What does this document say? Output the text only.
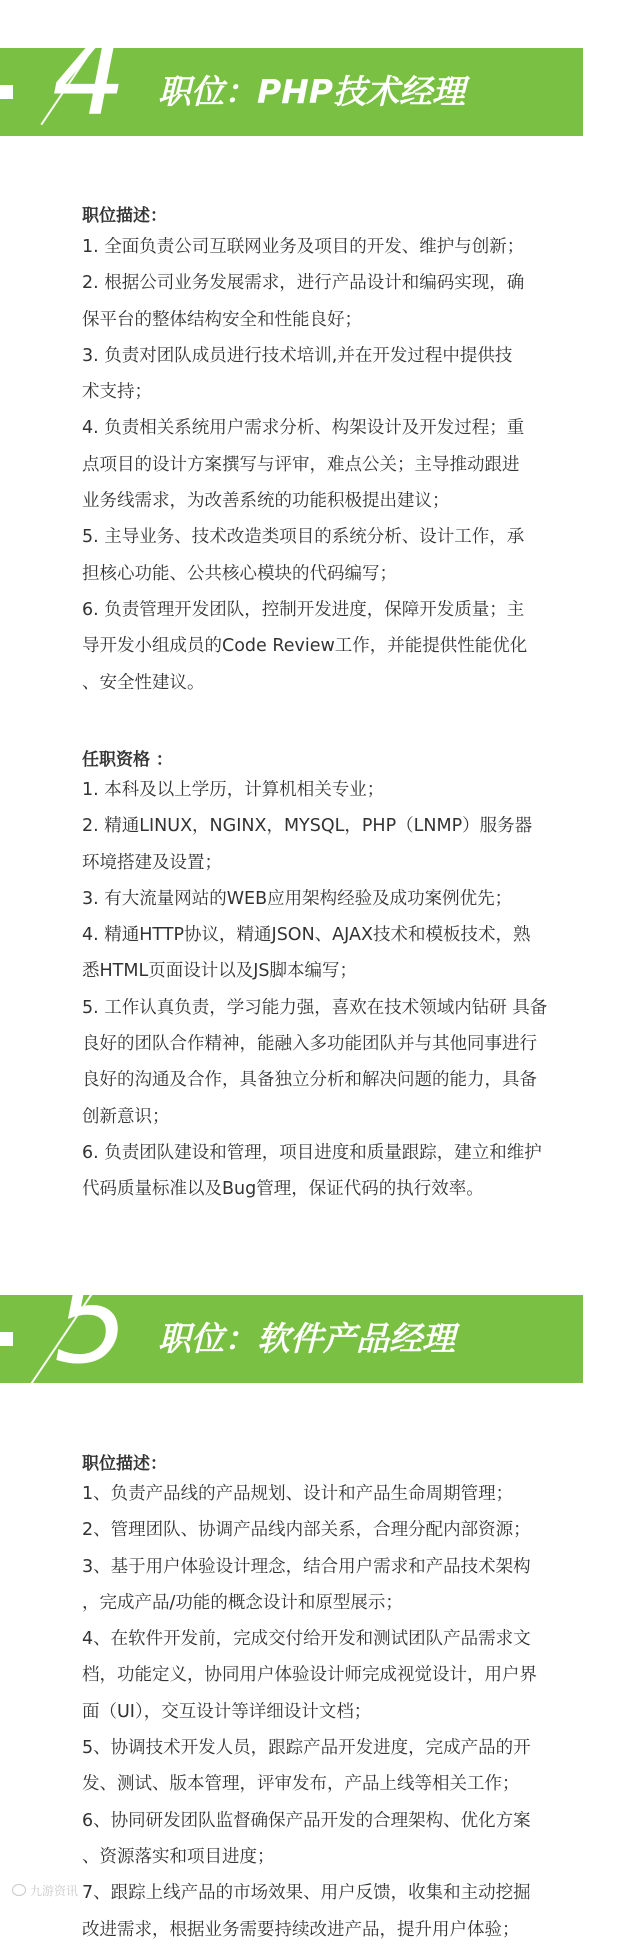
4 职位：PHP技术经理
职位描述：
1. 全面负责公司互联网业务及项目的开发、维护与创新；
2. 根据公司业务发展需求，进行产品设计和编码实现，确
保平台的整体结构安全和性能良好；
3. 负责对团队成员进行技术培训,并在开发过程中提供技
术支持；
4. 负责相关系统用户需求分析、构架设计及开发过程；重
点项目的设计方案撰写与评审，难点公关；主导推动跟进
业务线需求，为改善系统的功能积极提出建议；
5. 主导业务、技术改造类项目的系统分析、设计工作，承
担核心功能、公共核心模块的代码编写；
6. 负责管理开发团队，控制开发进度，保障开发质量；主
导开发小组成员的Code Review工作，并能提供性能优化
、安全性建议。
任职资格 ：
1. 本科及以上学历，计算机相关专业；
2. 精通LINUX，NGINX，MYSQL，PHP（LNMP）服务器
环境搭建及设置；
3. 有大流量网站的WEB应用架构经验及成功案例优先；
4. 精通HTTP协议，精通JSON、AJAX技术和模板技术，熟
悉HTML页面设计以及JS脚本编写；
5. 工作认真负责，学习能力强，喜欢在技术领域内钻研 具备
良好的团队合作精神，能融入多功能团队并与其他同事进行
良好的沟通及合作，具备独立分析和解决问题的能力，具备
创新意识；
6. 负责团队建设和管理，项目进度和质量跟踪，建立和维护
代码质量标准以及Bug管理，保证代码的执行效率。
5 职位：软件产品经理
职位描述：
1、负责产品线的产品规划、设计和产品生命周期管理；
2、管理团队、协调产品线内部关系，合理分配内部资源；
3、基于用户体验设计理念，结合用户需求和产品技术架构
，完成产品/功能的概念设计和原型展示；
4、在软件开发前，完成交付给开发和测试团队产品需求文
档，功能定义，协同用户体验设计师完成视觉设计，用户界
面（UI），交互设计等详细设计文档；
5、协调技术开发人员，跟踪产品开发进度，完成产品的开
发、测试、版本管理，评审发布，产品上线等相关工作；
6、协同研发团队监督确保产品开发的合理架构、优化方案
、资源落实和项目进度；
7、跟踪上线产品的市场效果、用户反馈，收集和主动挖掘
改进需求，根据业务需要持续改进产品，提升用户体验；
九游资讯
